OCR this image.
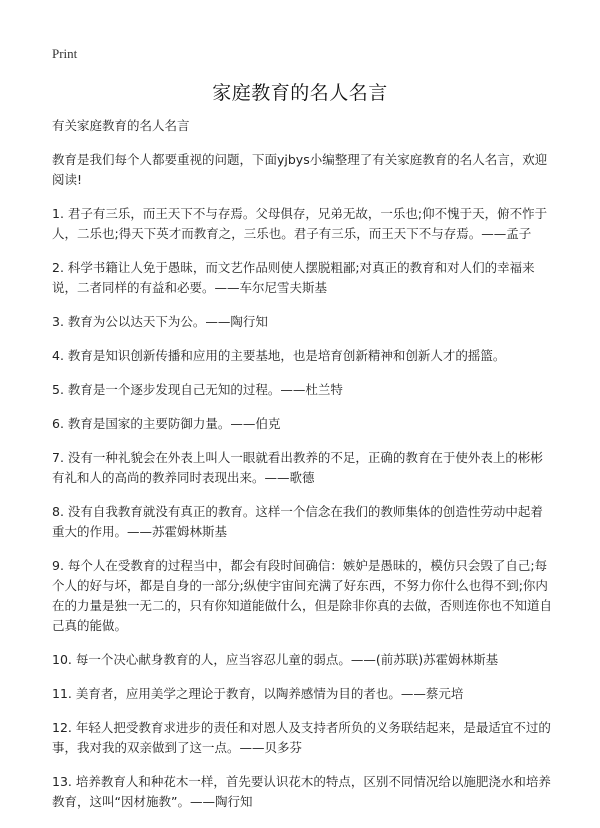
Print
家庭教育的名人名言

有关家庭教育的名人名言

教育是我们每个人都要重视的问题，下面yjbys小编整理了有关家庭教育的名人名言，欢迎阅读!

1. 君子有三乐，而王天下不与存焉。父母俱存，兄弟无故，一乐也;仰不愧于天，俯不怍于人，二乐也;得天下英才而教育之，三乐也。君子有三乐，而王天下不与存焉。——孟子
2. 科学书籍让人免于愚昧，而文艺作品则使人摆脱粗鄙;对真正的教育和对人们的幸福来说，二者同样的有益和必要。——车尔尼雪夫斯基
3. 教育为公以达天下为公。——陶行知
4. 教育是知识创新传播和应用的主要基地，也是培育创新精神和创新人才的摇篮。
5. 教育是一个逐步发现自己无知的过程。——杜兰特
6. 教育是国家的主要防御力量。——伯克
7. 没有一种礼貌会在外表上叫人一眼就看出教养的不足，正确的教育在于使外表上的彬彬有礼和人的高尚的教养同时表现出来。——歌德
8. 没有自我教育就没有真正的教育。这样一个信念在我们的教师集体的创造性劳动中起着重大的作用。——苏霍姆林斯基
9. 每个人在受教育的过程当中，都会有段时间确信：嫉妒是愚昧的，模仿只会毁了自己;每个人的好与坏，都是自身的一部分;纵使宇宙间充满了好东西，不努力你什么也得不到;你内在的力量是独一无二的，只有你知道能做什么，但是除非你真的去做，否则连你也不知道自己真的能做。
10. 每一个决心献身教育的人，应当容忍儿童的弱点。——(前苏联)苏霍姆林斯基
11. 美育者，应用美学之理论于教育，以陶养感情为目的者也。——蔡元培
12. 年轻人把受教育求进步的责任和对恩人及支持者所负的义务联结起来，是最适宜不过的事，我对我的双亲做到了这一点。——贝多芬
13. 培养教育人和种花木一样，首先要认识花木的特点，区别不同情况给以施肥浇水和培养教育，这叫“因材施教”。——陶行知
